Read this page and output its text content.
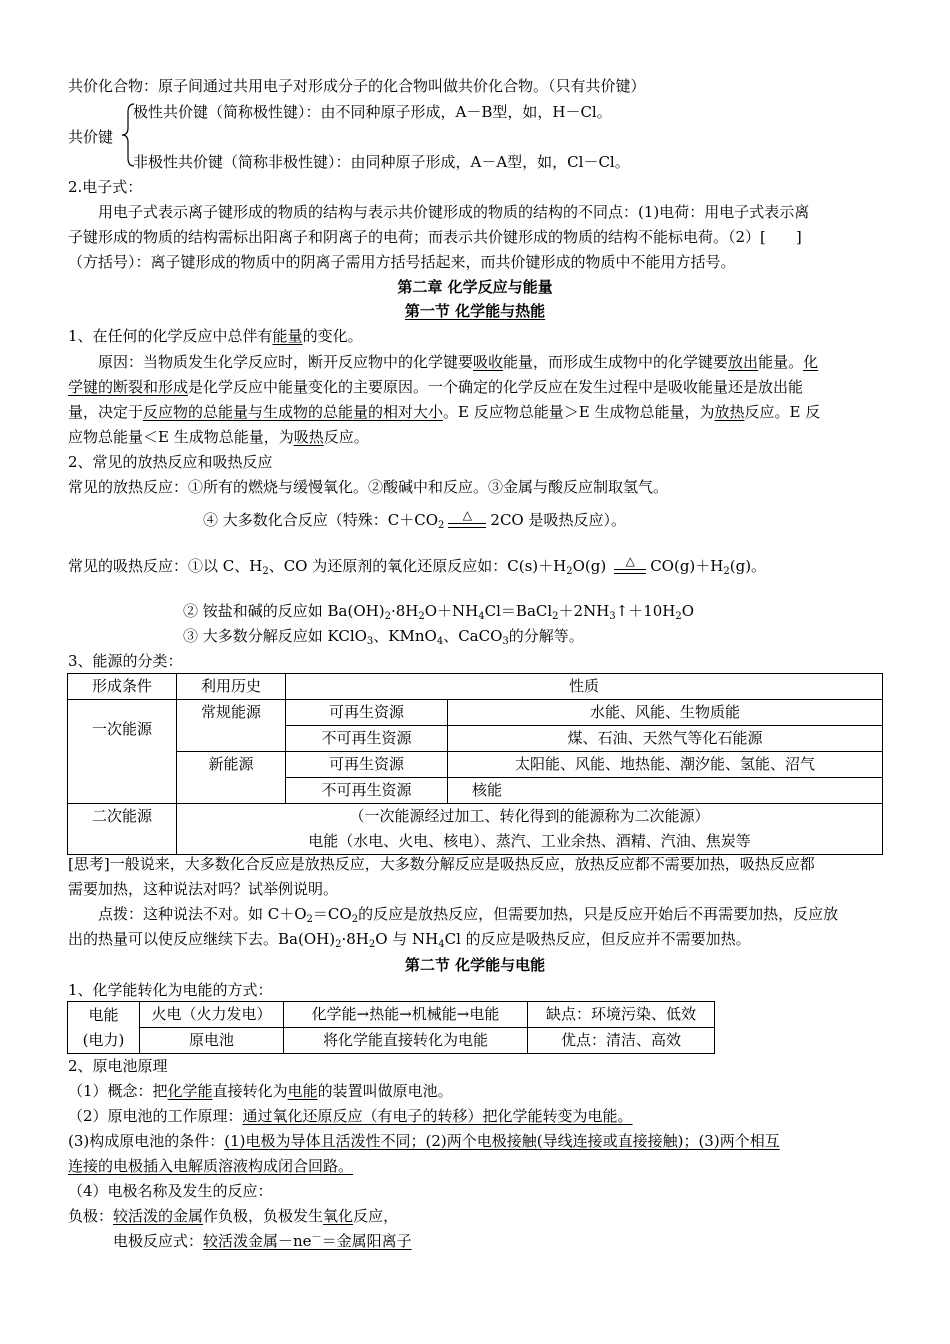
共价化合物：原子间通过共用电子对形成分子的化合物叫做共价化合物。（只有共价键）
极性共价键（简称极性键）：由不同种原子形成，A－B型，如，H－Cl。
共价键
非极性共价键（简称非极性键）：由同种原子形成，A－A型，如，Cl－Cl。
2.电子式：
用电子式表示离子键形成的物质的结构与表示共价键形成的物质的结构的不同点：(1)电荷：用电子式表示离
子键形成的物质的结构需标出阳离子和阴离子的电荷；而表示共价键形成的物质的结构不能标电荷。（2）[　　]
（方括号）：离子键形成的物质中的阴离子需用方括号括起来，而共价键形成的物质中不能用方括号。
第二章 化学反应与能量
第一节 化学能与热能
1、在任何的化学反应中总伴有能量的变化。
原因：当物质发生化学反应时，断开反应物中的化学键要吸收能量，而形成生成物中的化学键要放出能量。化
学键的断裂和形成是化学反应中能量变化的主要原因。一个确定的化学反应在发生过程中是吸收能量还是放出能
量，决定于反应物的总能量与生成物的总能量的相对大小。E 反应物总能量＞E 生成物总能量，为放热反应。E 反
应物总能量＜E 生成物总能量，为吸热反应。
2、常见的放热反应和吸热反应
常见的放热反应：①所有的燃烧与缓慢氧化。②酸碱中和反应。③金属与酸反应制取氢气。
④ 大多数化合反应（特殊：$C+CO_2^\triangle$ 2CO 是吸热反应）。
常见的吸热反应：①以 C、$H_2$、CO 为还原剂的氧化还原反应如：$C(s)+H_2O(g)$ △ $CO(g)+H_2(g)$。
② 铵盐和碱的反应如 $Ba(OH)_2\cdot 8H_2O+NH_4Cl=BaCl_2+2NH_3↑+10H_2O$
③ 大多数分解反应如 KClO$_3$、KMnO$_4$、CaCO$_3$的分解等。
3、能源的分类：
形成条件	利用历史	性质	
一次能源	常规能源	可再生资源	水能、风能、生物质能
		不可再生资源	煤、石油、天然气等化石能源
	新能源	可再生资源	太阳能、风能、地热能、潮汐能、氢能、沼气
		不可再生资源	核能
二次能源	（一次能源经过加工、转化得到的能源称为二次能源）
电能（水电、火电、核电）、蒸汽、工业余热、酒精、汽油、焦炭等		
[思考]一般说来，大多数化合反应是放热反应，大多数分解反应是吸热反应，放热反应都不需要加热，吸热反应都
需要加热，这种说法对吗？试举例说明。
点拨：这种说法不对。如 $C+O_2=CO_2$的反应是放热反应，但需要加热，只是反应开始后不再需要加热，反应放
出的热量可以使反应继续下去。$Ba(OH)_2\cdot 8H_2O$ 与 $NH_4Cl$ 的反应是吸热反应，但反应并不需要加热。
第二节 化学能与电能
1、化学能转化为电能的方式：
电能
(电力)	火电（火力发电）	化学能→热能→机械能→电能	缺点：环境污染、低效
	原电池	将化学能直接转化为电能	优点：清洁、高效
2、原电池原理
（1）概念：把化学能直接转化为电能的装置叫做原电池。
（2）原电池的工作原理：通过氧化还原反应（有电子的转移）把化学能转变为电能。
(3)构成原电池的条件：(1)电极为导体且活泼性不同；(2)两个电极接触(导线连接或直接接触)；(3)两个相互
连接的电极插入电解质溶液构成闭合回路。
（4）电极名称及发生的反应：
负极：较活泼的金属作负极，负极发生氧化反应，
电极反应式：较活泼金属－ne－＝金属阳离子
